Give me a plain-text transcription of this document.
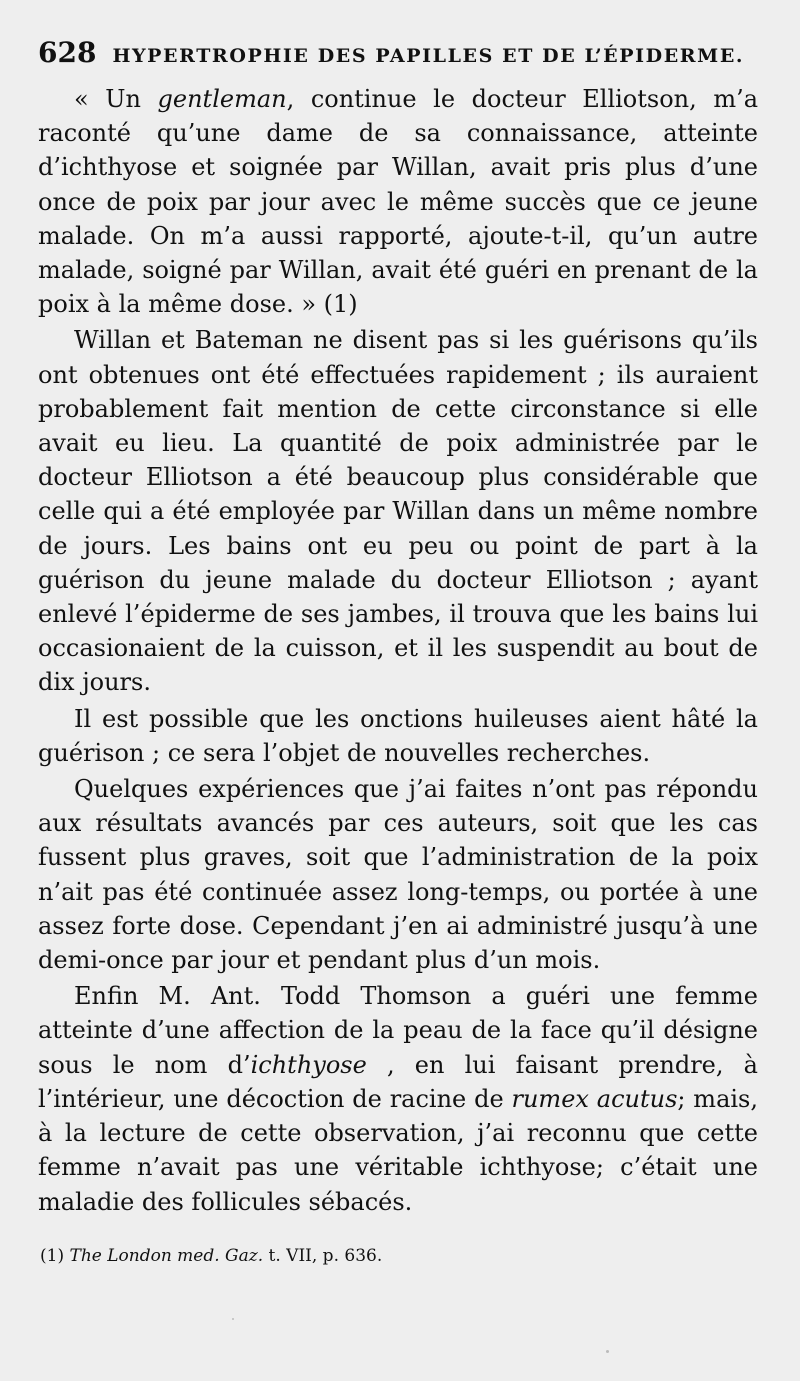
628 HYPERTROPHIE DES PAPILLES ET DE L’ÉPIDERME.

« Un gentleman, continue le docteur Elliotson, m’a raconté qu’une dame de sa connaissance, atteinte d’ichthyose et soignée par Willan, avait pris plus d’une once de poix par jour avec le même succès que ce jeune malade. On m’a aussi rapporté, ajoute-t-il, qu’un autre malade, soigné par Willan, avait été guéri en prenant de la poix à la même dose. » (1)

Willan et Bateman ne disent pas si les guérisons qu’ils ont obtenues ont été effectuées rapidement ; ils auraient probablement fait mention de cette circonstance si elle avait eu lieu. La quantité de poix administrée par le docteur Elliotson a été beaucoup plus considérable que celle qui a été employée par Willan dans un même nombre de jours. Les bains ont eu peu ou point de part à la guérison du jeune malade du docteur Elliotson ; ayant enlevé l’épiderme de ses jambes, il trouva que les bains lui occasionaient de la cuisson, et il les suspendit au bout de dix jours.

Il est possible que les onctions huileuses aient hâté la guérison ; ce sera l’objet de nouvelles recherches.

Quelques expériences que j’ai faites n’ont pas répondu aux résultats avancés par ces auteurs, soit que les cas fussent plus graves, soit que l’administration de la poix n’ait pas été continuée assez long-temps, ou portée à une assez forte dose. Cependant j’en ai administré jusqu’à une demi-once par jour et pendant plus d’un mois.

Enfin M. Ant. Todd Thomson a guéri une femme atteinte d’une affection de la peau de la face qu’il désigne sous le nom d’ichthyose , en lui faisant prendre, à l’intérieur, une décoction de racine de rumex acutus; mais, à la lecture de cette observation, j’ai reconnu que cette femme n’avait pas une véritable ichthyose; c’était une maladie des follicules sébacés.

(1) The London med. Gaz. t. VII, p. 636.
